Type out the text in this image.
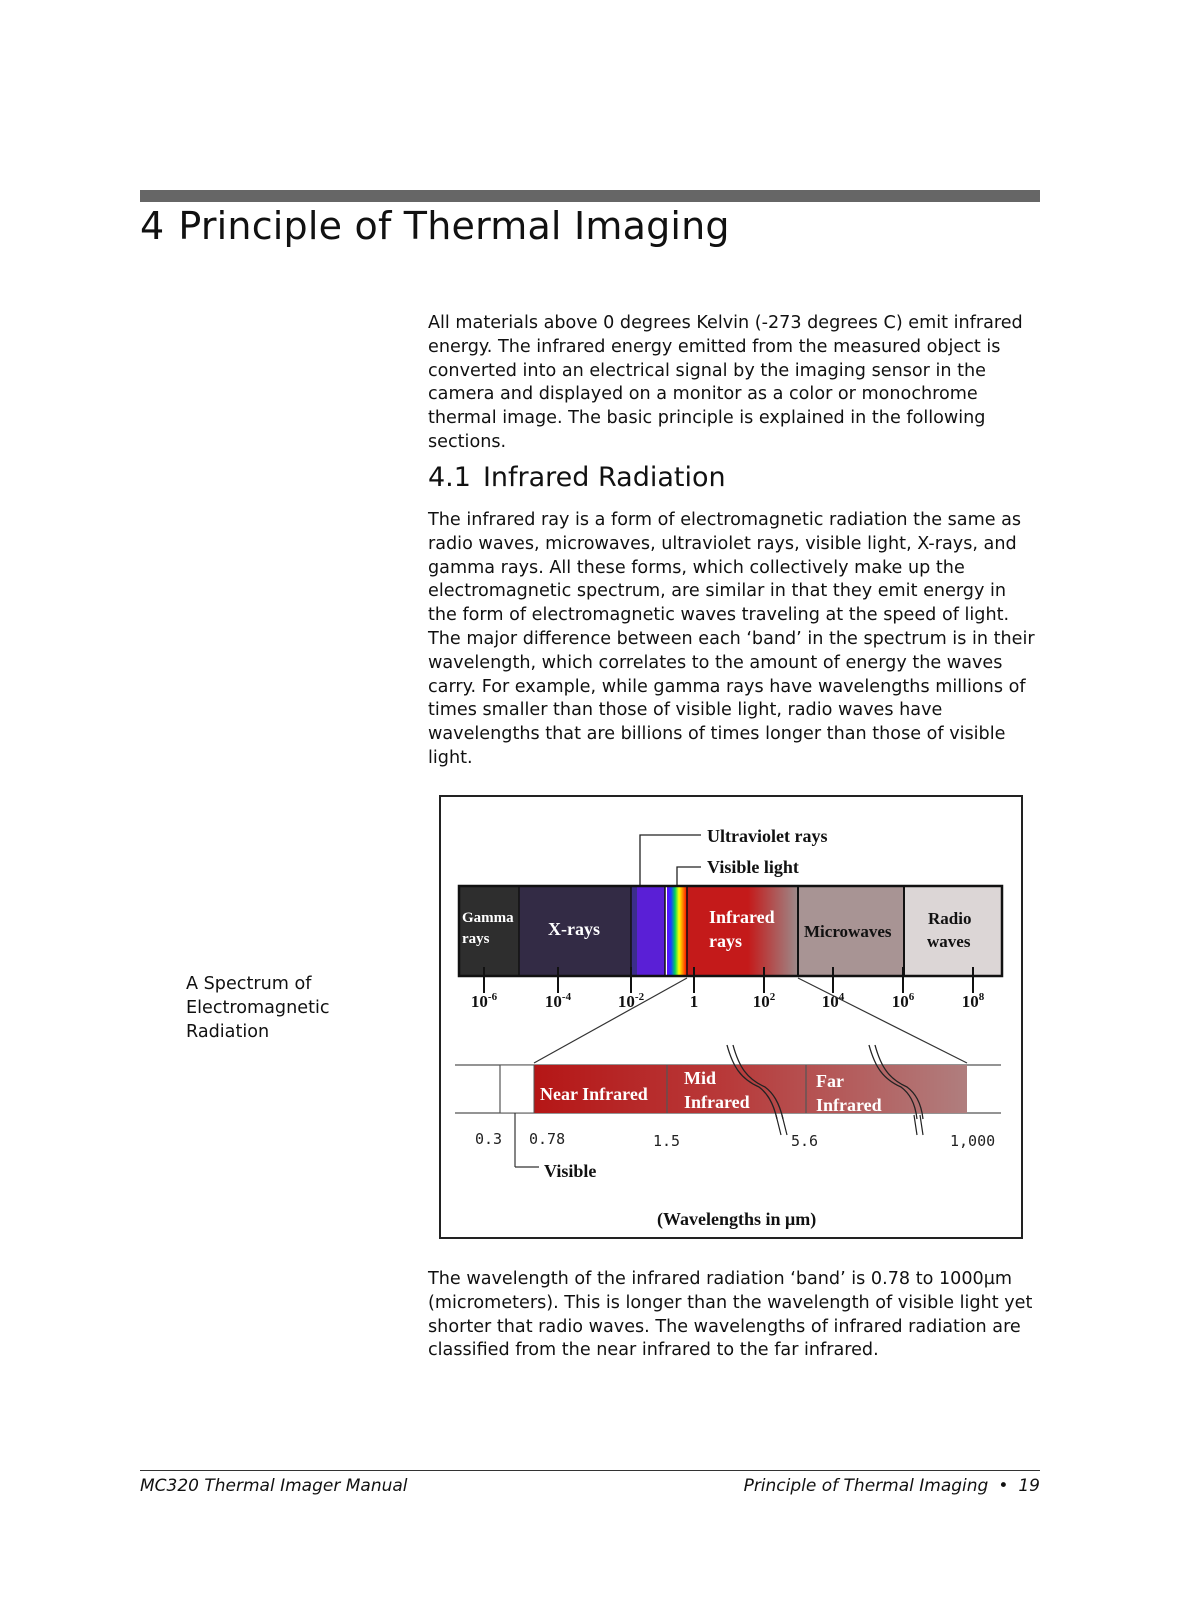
4 Principle of Thermal Imaging

All materials above 0 degrees Kelvin (-273 degrees C) emit infrared energy. The infrared energy emitted from the measured object is converted into an electrical signal by the imaging sensor in the camera and displayed on a monitor as a color or monochrome thermal image. The basic principle is explained in the following sections.

4.1 Infrared Radiation

The infrared ray is a form of electromagnetic radiation the same as radio waves, microwaves, ultraviolet rays, visible light, X-rays, and gamma rays. All these forms, which collectively make up the electromagnetic spectrum, are similar in that they emit energy in the form of electromagnetic waves traveling at the speed of light. The major difference between each ‘band’ in the spectrum is in their wavelength, which correlates to the amount of energy the waves carry. For example, while gamma rays have wavelengths millions of times smaller than those of visible light, radio waves have wavelengths that are billions of times longer than those of visible light.

A Spectrum of
Electromagnetic
Radiation

Ultraviolet rays
Visible light
Gamma
rays	X-rays
Infrared
rays	Microwaves
Radio
waves
$10^{-6}$	$10^{-4}$	$10^{-2}$	1	$10^2$	$10^4$	$10^6$	$10^8$
Near Infrared
Mid
Infrared
Far
Infrared
0.3 0.78	1.5	5.6	1,000
Visible
(Wavelengths in μm)

The wavelength of the infrared radiation ‘band’ is 0.78 to 1000µm (micrometers). This is longer than the wavelength of visible light yet shorter that radio waves. The wavelengths of infrared radiation are classified from the near infrared to the far infrared.

MC320 Thermal Imager Manual	Principle of Thermal Imaging • 19
